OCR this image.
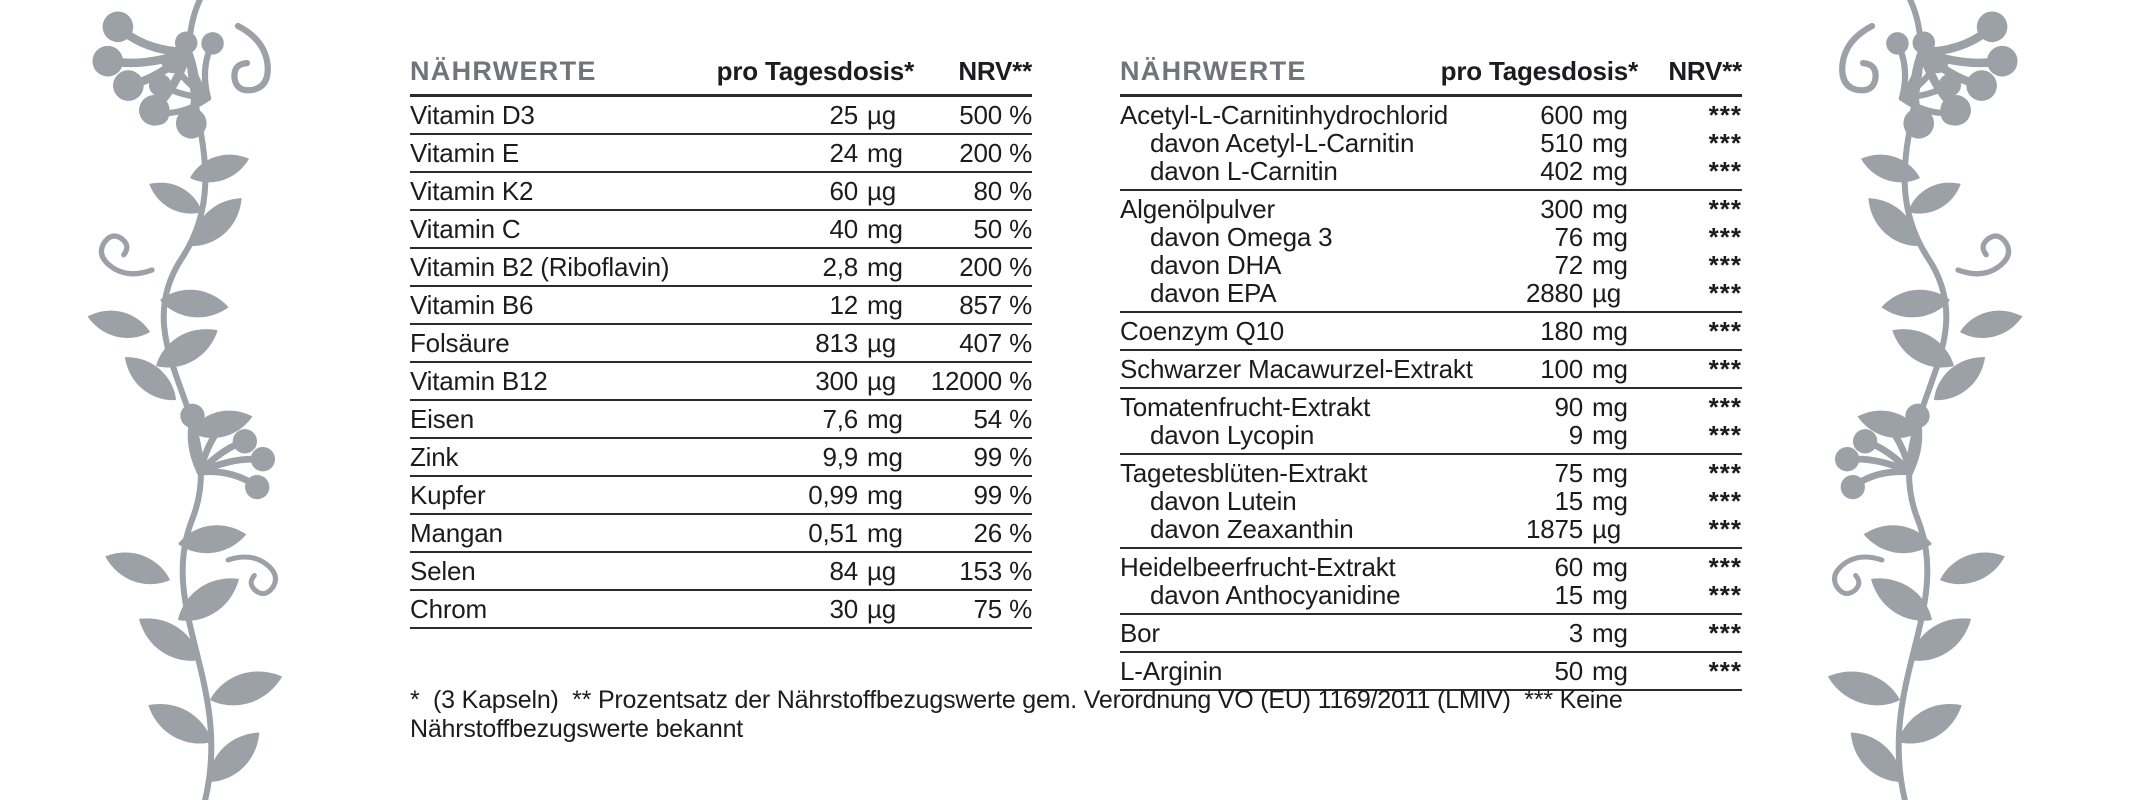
NÄHRWERTE	pro Tagesdosis*	NRV**
Vitamin D3	25 µg	500 %
Vitamin E	24 mg	200 %
Vitamin K2	60 µg	80 %
Vitamin C	40 mg	50 %
Vitamin B2 (Riboflavin)	2,8 mg	200 %
Vitamin B6	12 mg	857 %
Folsäure	813 µg	407 %
Vitamin B12	300 µg	12000 %
Eisen	7,6 mg	54 %
Zink	9,9 mg	99 %
Kupfer	0,99 mg	99 %
Mangan	0,51 mg	26 %
Selen	84 µg	153 %
Chrom	30 µg	75 %
NÄHRWERTE	pro Tagesdosis*	NRV**
Acetyl-L-Carnitinhydrochlorid	600 mg	***
davon Acetyl-L-Carnitin	510 mg	***
davon L-Carnitin	402 mg	***
Algenölpulver	300 mg	***
davon Omega 3	76 mg	***
davon DHA	72 mg	***
davon EPA	2880 µg	***
Coenzym Q10	180 mg	***
Schwarzer Macawurzel-Extrakt	100 mg	***
Tomatenfrucht-Extrakt	90 mg	***
davon Lycopin	9 mg	***
Tagetesblüten-Extrakt	75 mg	***
davon Lutein	15 mg	***
davon Zeaxanthin	1875 µg	***
Heidelbeerfrucht-Extrakt	60 mg	***
davon Anthocyanidine	15 mg	***
Bor	3 mg	***
L-Arginin	50 mg	***
*  (3 Kapseln)  ** Prozentsatz der Nährstoffbezugswerte gem. Verordnung VO (EU) 1169/2011 (LMIV)  *** Keine Nährstoffbezugswerte bekannt
